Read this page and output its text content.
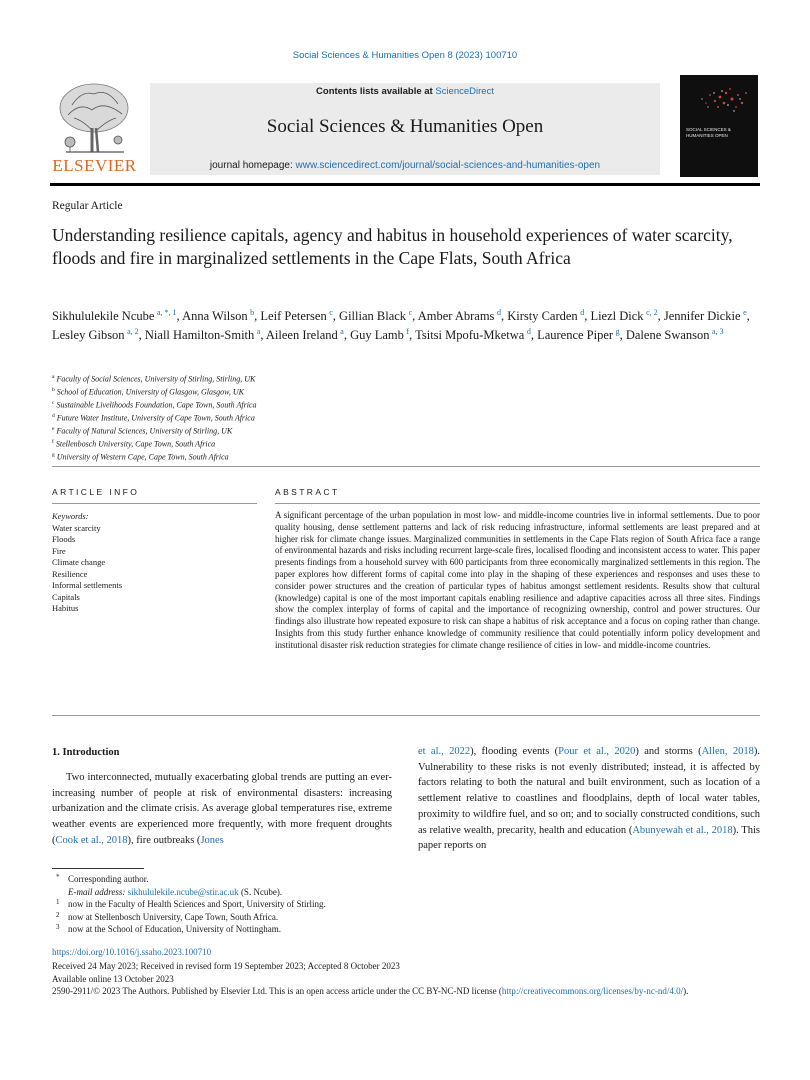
Social Sciences & Humanities Open 8 (2023) 100710
ELSEVIER
Contents lists available at ScienceDirect
Social Sciences & Humanities Open
journal homepage: www.sciencedirect.com/journal/social-sciences-and-humanities-open
SOCIAL SCIENCES & HUMANITIES OPEN
Regular Article
Understanding resilience capitals, agency and habitus in household experiences of water scarcity, floods and fire in marginalized settlements in the Cape Flats, South Africa
Sikhululekile Ncube  $^{a, *, 1}$, Anna Wilson  $^b$, Leif Petersen  $^c$, Gillian Black  $^c$, Amber Abrams  $^d$, Kirsty Carden  $^d$, Liezl Dick  $^{c, 2}$, Jennifer Dickie  $^e$, Lesley Gibson  $^{a, 2}$, Niall Hamilton-Smith  $^a$, Aileen Ireland  $^a$, Guy Lamb  $^f$, Tsitsi Mpofu-Mketwa  $^d$, Laurence Piper  $^g$, Dalene Swanson  $^{a, 3}$
$^a$ Faculty of Social Sciences, University of Stirling, Stirling, UK
$^b$ School of Education, University of Glasgow, Glasgow, UK
$^c$ Sustainable Livelihoods Foundation, Cape Town, South Africa
$^d$ Future Water Institute, University of Cape Town, South Africa
$^e$ Faculty of Natural Sciences, University of Stirling, UK
$^f$ Stellenbosch University, Cape Town, South Africa
$^g$ University of Western Cape, Cape Town, South Africa
ARTICLE INFO	ABSTRACT
Keywords:
Water scarcity
Floods
Fire
Climate change
Resilience
Informal settlements
Capitals
Habitus
A significant percentage of the urban population in most low- and middle-income countries live in informal settlements. Due to poor quality housing, dense settlement patterns and lack of risk reducing infrastructure, informal settlements are least prepared and at higher risk for climate change issues. Marginalized communities in settlements in the Cape Flats region of South Africa face a range of environmental hazards and risks including recurrent large-scale fires, localised flooding and inconsistent access to water. This paper presents findings from a household survey with 600 participants from three economically marginalized settlements in this region. The paper explores how different forms of capital come into play in the shaping of these experiences and responses and uses these to consider power structures and the creation of particular types of habitus amongst settlement residents. Results show that cultural (knowledge) capital is one of the most important capitals enabling resilience and adaptive capacities across all three sites. Findings show the complex interplay of forms of capital and the importance of recognizing ownership, control and power structures. Our findings also illustrate how repeated exposure to risk can shape a habitus of risk acceptance and a focus on coping rather than change. Insights from this study further enhance knowledge of community resilience that could potentially inform policy development and institutional disaster risk reduction strategies for climate change resilience of cities in low- and middle-income countries.
1. Introduction

Two interconnected, mutually exacerbating global trends are putting an ever-increasing number of people at risk of environmental disasters: increasing urbanization and the climate crisis. As average global temperatures rise, extreme weather events are experienced more frequently, with more frequent droughts (Cook et al., 2018), fire outbreaks (Jones

et al., 2022), flooding events (Pour et al., 2020) and storms (Allen, 2018). Vulnerability to these risks is not evenly distributed; instead, it is affected by factors relating to both the natural and built environment, such as location of a settlement relative to coastlines and floodplains, depth of local water tables, proximity to wildfire fuel, and so on; and to socially constructed conditions, such as relative wealth, precarity, health and education (Abunyewah et al., 2018). This paper reports on

* Corresponding author.
E-mail address: sikhululekile.ncube@stir.ac.uk (S. Ncube).
1 now in the Faculty of Health Sciences and Sport, University of Stirling.
2 now at Stellenbosch University, Cape Town, South Africa.
3 now at the School of Education, University of Nottingham.
https://doi.org/10.1016/j.ssaho.2023.100710
Received 24 May 2023; Received in revised form 19 September 2023; Accepted 8 October 2023
Available online 13 October 2023
2590-2911/© 2023 The Authors. Published by Elsevier Ltd. This is an open access article under the CC BY-NC-ND license (http://creativecommons.org/licenses/by-nc-nd/4.0/).
